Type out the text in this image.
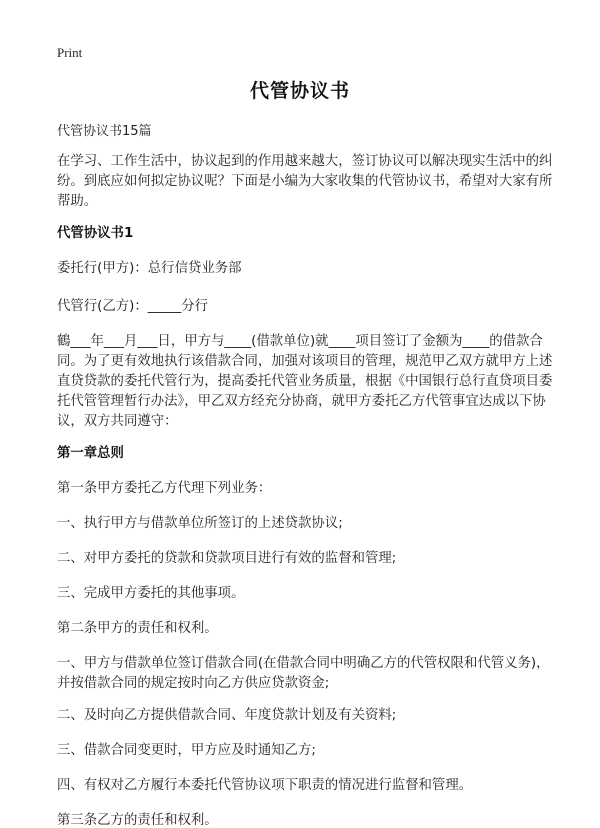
Print
代管协议书

代管协议书15篇

在学习、工作生活中，协议起到的作用越来越大，签订协议可以解决现实生活中的纠纷。到底应如何拟定协议呢？下面是小编为大家收集的代管协议书，希望对大家有所帮助。

代管协议书1

委托行(甲方)：总行信贷业务部

代管行(乙方)：_____分行

鶴___年___月___日，甲方与____(借款单位)就____项目签订了金额为____的借款合同。为了更有效地执行该借款合同，加强对该项目的管理，规范甲乙双方就甲方上述直贷贷款的委托代管行为，提高委托代管业务质量，根据《中国银行总行直贷项目委托代管管理暂行办法》，甲乙双方经充分协商，就甲方委托乙方代管事宜达成以下协议，双方共同遵守：

第一章总则

第一条甲方委托乙方代理下列业务：

一、执行甲方与借款单位所签订的上述贷款协议;

二、对甲方委托的贷款和贷款项目进行有效的监督和管理;

三、完成甲方委托的其他事项。

第二条甲方的责任和权利。

一、甲方与借款单位签订借款合同(在借款合同中明确乙方的代管权限和代管义务)，并按借款合同的规定按时向乙方供应贷款资金;

二、及时向乙方提供借款合同、年度贷款计划及有关资料;

三、借款合同变更时，甲方应及时通知乙方;

四、有权对乙方履行本委托代管协议项下职责的情况进行监督和管理。

第三条乙方的责任和权利。
